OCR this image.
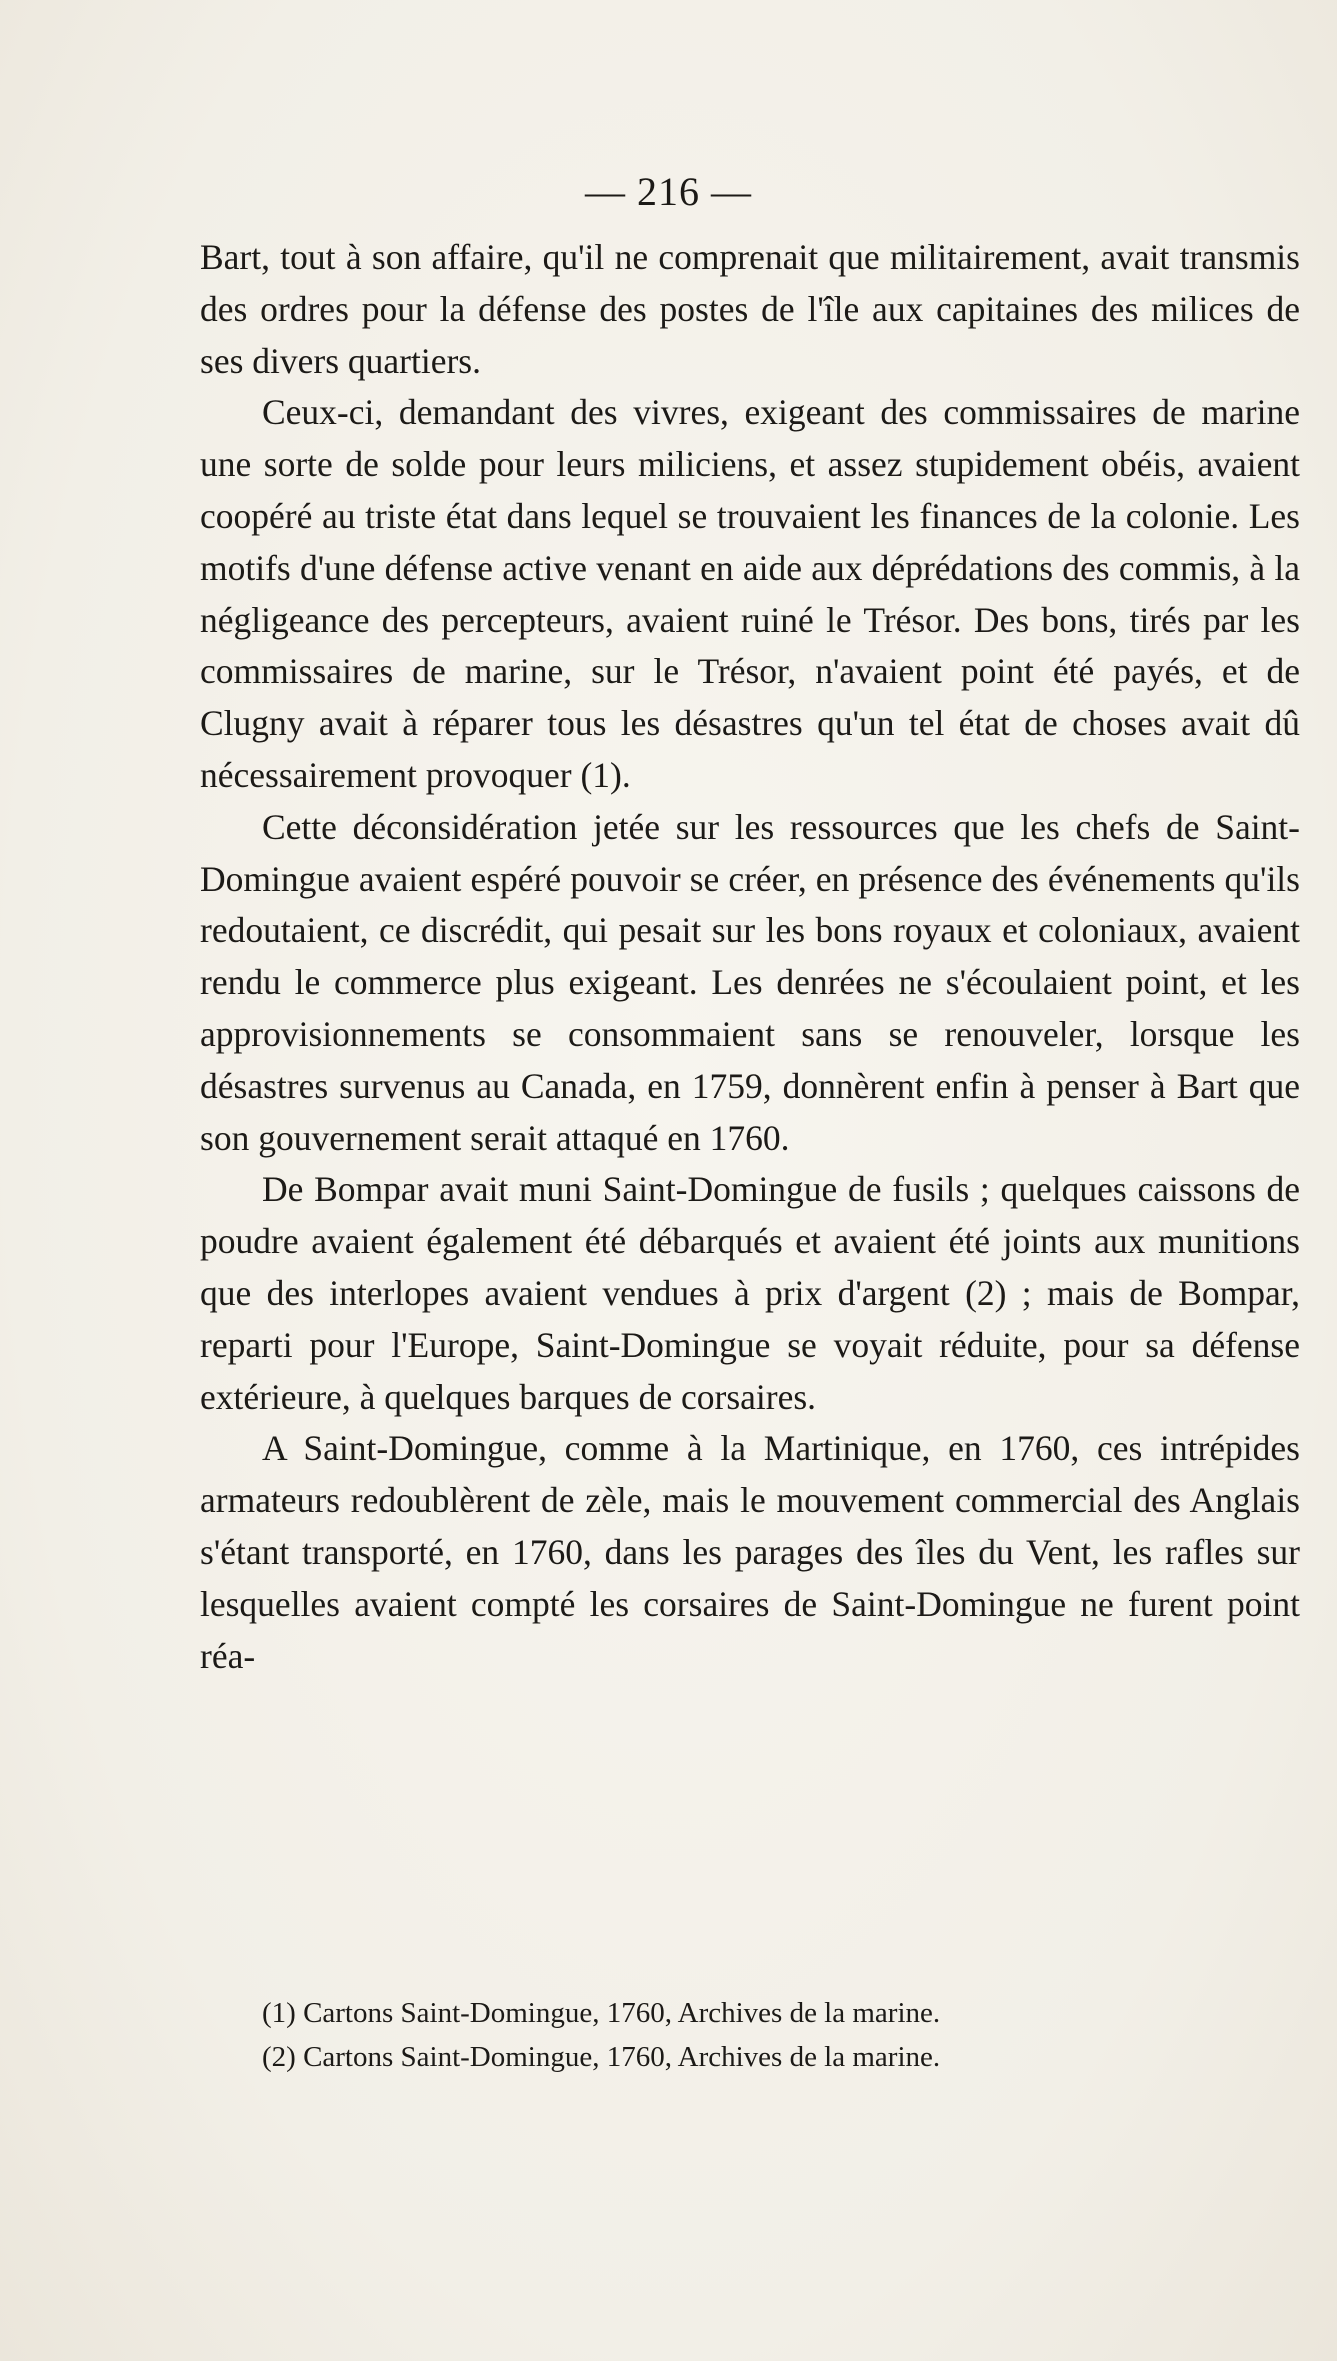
— 216 —

Bart, tout à son affaire, qu'il ne comprenait que militairement, avait transmis des ordres pour la défense des postes de l'île aux capitaines des milices de ses divers quartiers.

Ceux-ci, demandant des vivres, exigeant des commissaires de marine une sorte de solde pour leurs miliciens, et assez stupidement obéis, avaient coopéré au triste état dans lequel se trouvaient les finances de la colonie. Les motifs d'une défense active venant en aide aux déprédations des commis, à la négligeance des percepteurs, avaient ruiné le Trésor. Des bons, tirés par les commissaires de marine, sur le Trésor, n'avaient point été payés, et de Clugny avait à réparer tous les désastres qu'un tel état de choses avait dû nécessairement provoquer (1).

Cette déconsidération jetée sur les ressources que les chefs de Saint-Domingue avaient espéré pouvoir se créer, en présence des événements qu'ils redoutaient, ce discrédit, qui pesait sur les bons royaux et coloniaux, avaient rendu le commerce plus exigeant. Les denrées ne s'écoulaient point, et les approvisionnements se consommaient sans se renouveler, lorsque les désastres survenus au Canada, en 1759, donnèrent enfin à penser à Bart que son gouvernement serait attaqué en 1760.

De Bompar avait muni Saint-Domingue de fusils ; quelques caissons de poudre avaient également été débarqués et avaient été joints aux munitions que des interlopes avaient vendues à prix d'argent (2) ; mais de Bompar, reparti pour l'Europe, Saint-Domingue se voyait réduite, pour sa défense extérieure, à quelques barques de corsaires.

A Saint-Domingue, comme à la Martinique, en 1760, ces intrépides armateurs redoublèrent de zèle, mais le mouvement commercial des Anglais s'étant transporté, en 1760, dans les parages des îles du Vent, les rafles sur lesquelles avaient compté les corsaires de Saint-Domingue ne furent point réa-

(1) Cartons Saint-Domingue, 1760, Archives de la marine.

(2) Cartons Saint-Domingue, 1760, Archives de la marine.
